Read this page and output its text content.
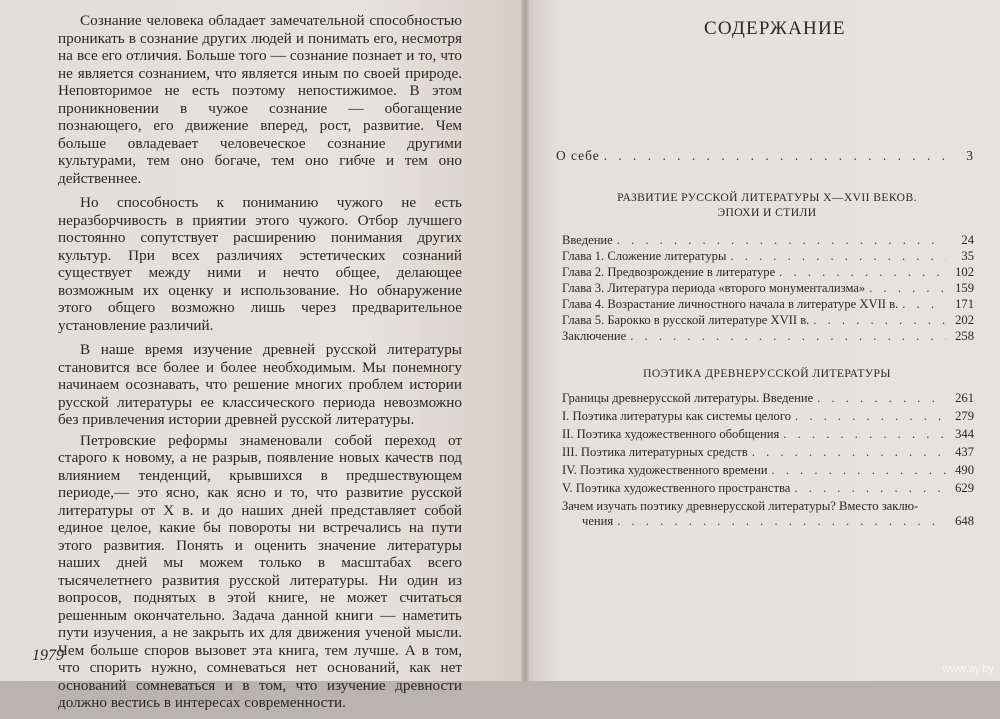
Сознание человека обладает замечательной способностью проникать в сознание других людей и понимать его, несмотря на все его отличия. Больше того — сознание познает и то, что не является сознанием, что является иным по своей природе. Неповторимое не есть поэтому непостижимое. В этом проникновении в чужое сознание — обогащение познающего, его движение вперед, рост, развитие. Чем больше овладевает человеческое сознание другими культурами, тем оно богаче, тем оно гибче и тем оно действеннее.

Но способность к пониманию чужого не есть неразборчивость в приятии этого чужого. Отбор лучшего постоянно сопутствует расширению понимания других культур. При всех различиях эстетических сознаний существует между ними и нечто общее, делающее возможным их оценку и использование. Но обнаружение этого общего возможно лишь через предварительное установление различий.

В наше время изучение древней русской литературы становится все более и более необходимым. Мы понемногу начинаем осознавать, что решение многих проблем истории русской литературы ее классического периода невозможно без привлечения истории древней русской литературы.

Петровские реформы знаменовали собой переход от старого к новому, а не разрыв, появление новых качеств под влиянием тенденций, крывшихся в предшествующем периоде,— это ясно, как ясно и то, что развитие русской литературы от X в. и до наших дней представляет собой единое целое, какие бы повороты ни встречались на пути этого развития. Понять и оценить значение литературы наших дней мы можем только в масштабах всего тысячелетнего развития русской литературы. Ни один из вопросов, поднятых в этой книге, не может считаться решенным окончательно. Задача данной книги — наметить пути изучения, а не закрыть их для движения ученой мысли. Чем больше споров вызовет эта книга, тем лучше. А в том, что спорить нужно, сомневаться нет оснований, как нет оснований сомневаться и в том, что изучение древности должно вестись в интересах современности.

1979
СОДЕРЖАНИЕ
О себе . . .	3
РАЗВИТИЕ РУССКОЙ ЛИТЕРАТУРЫ X—XVII ВЕКОВ.
ЭПОХИ И СТИЛИ
Введение . . .	24
Глава 1. Сложение литературы . . .	35
Глава 2. Предвозрождение в литературе . . .	102
Глава 3. Литература периода «второго монументализма» . . .	159
Глава 4. Возрастание личностного начала в литературе XVII в. . . .	171
Глава 5. Барокко в русской литературе XVII в. . . .	202
Заключение . . .	258
ПОЭТИКА ДРЕВНЕРУССКОЙ ЛИТЕРАТУРЫ
Границы древнерусской литературы. Введение . . .	261
I. Поэтика литературы как системы целого . . .	279
II. Поэтика художественного обобщения . . .	344
III. Поэтика литературных средств . . .	437
IV. Поэтика художественного времени . . .	490
V. Поэтика художественного пространства . . .	629
Зачем изучать поэтику древнерусской литературы? Вместо заклю-
чения . . .	648
www.ay.by
